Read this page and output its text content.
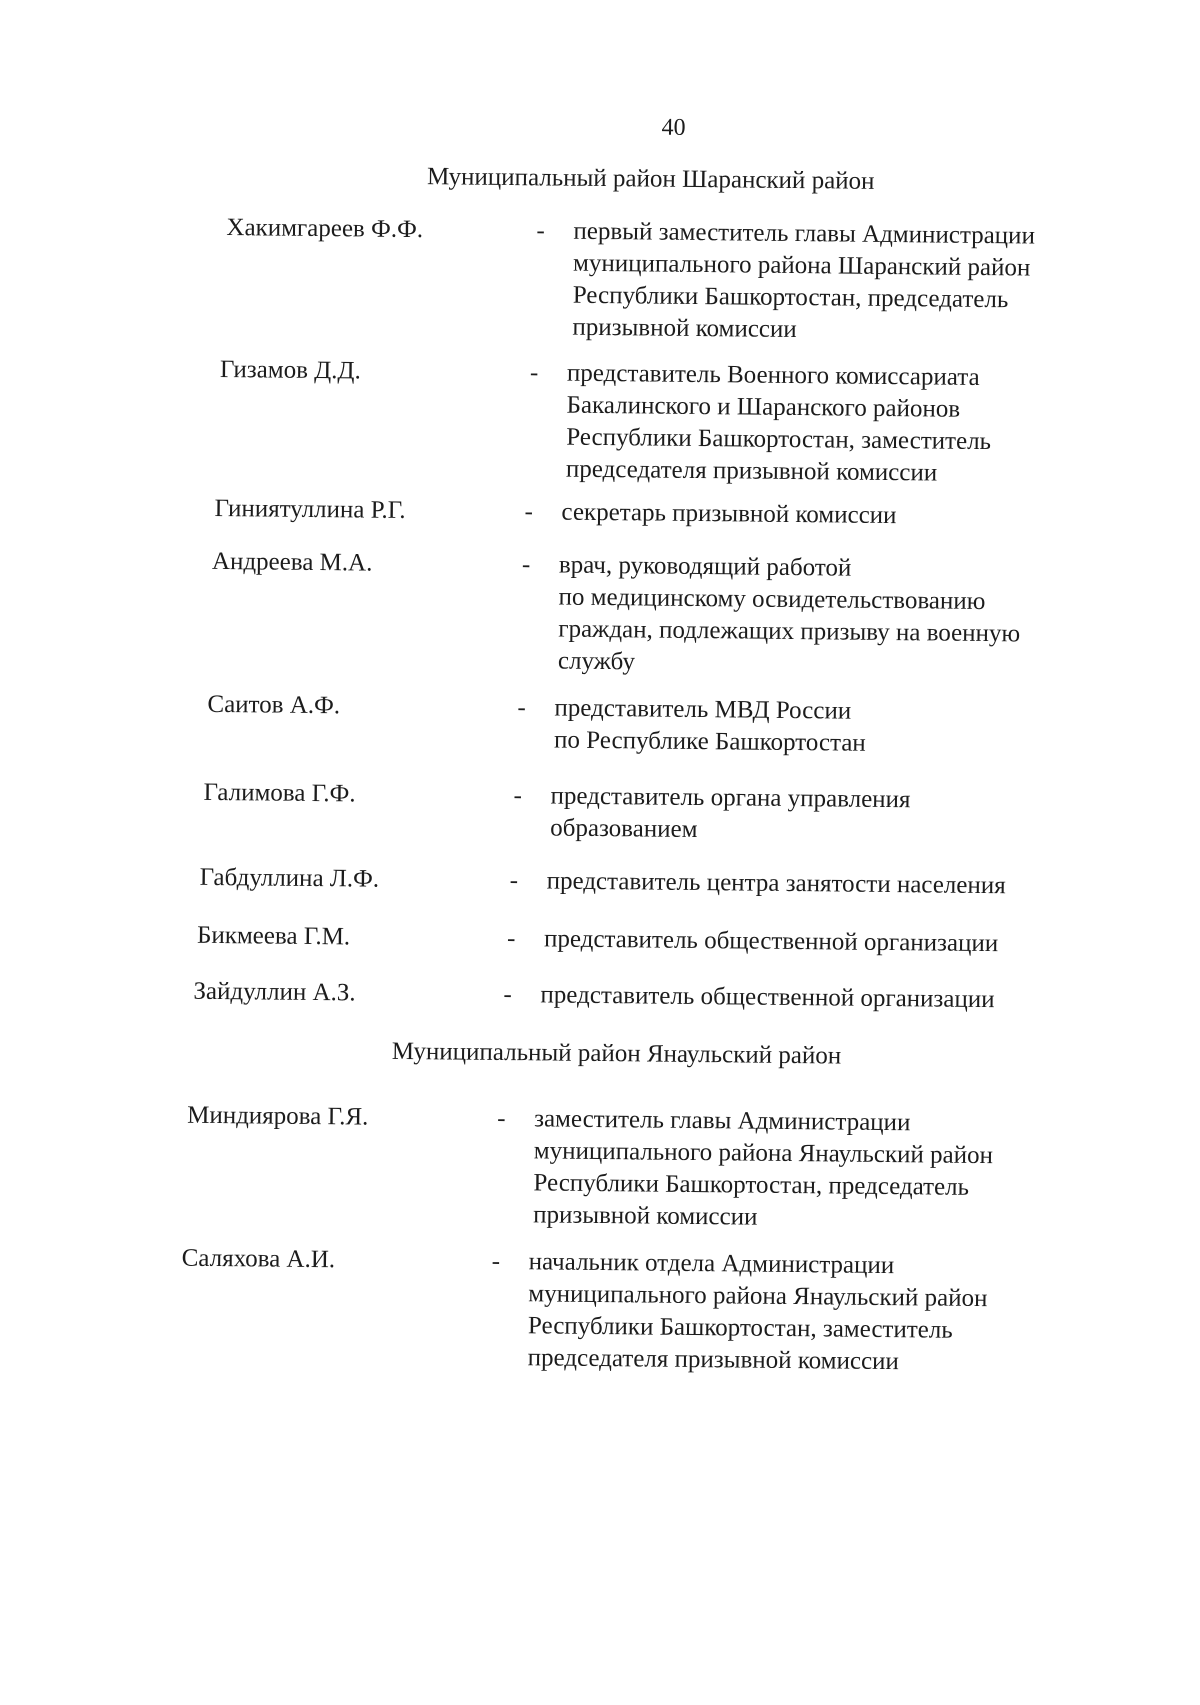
40
Муниципальный район Шаранский район
Хакимгареев Ф.Ф.	- первый заместитель главы Администрации
муниципального района Шаранский район
Республики Башкортостан, председатель
призывной комиссии
Гизамов Д.Д.	- представитель Военного комиссариата
Бакалинского и Шаранского районов
Республики Башкортостан, заместитель
председателя призывной комиссии
Гиниятуллина Р.Г.	- секретарь призывной комиссии
Андреева М.А.	- врач, руководящий работой
по медицинскому освидетельствованию
граждан, подлежащих призыву на военную
службу
Саитов А.Ф.	- представитель МВД России
по Республике Башкортостан
Галимова Г.Ф.	- представитель органа управления
образованием
Габдуллина Л.Ф.	- представитель центра занятости населения
Бикмеева Г.М.	- представитель общественной организации
Зайдуллин А.З.	- представитель общественной организации
Муниципальный район Янаульский район
Миндиярова Г.Я.	- заместитель главы Администрации
муниципального района Янаульский район
Республики Башкортостан, председатель
призывной комиссии
Саляхова А.И.	- начальник отдела Администрации
муниципального района Янаульский район
Республики Башкортостан, заместитель
председателя призывной комиссии
